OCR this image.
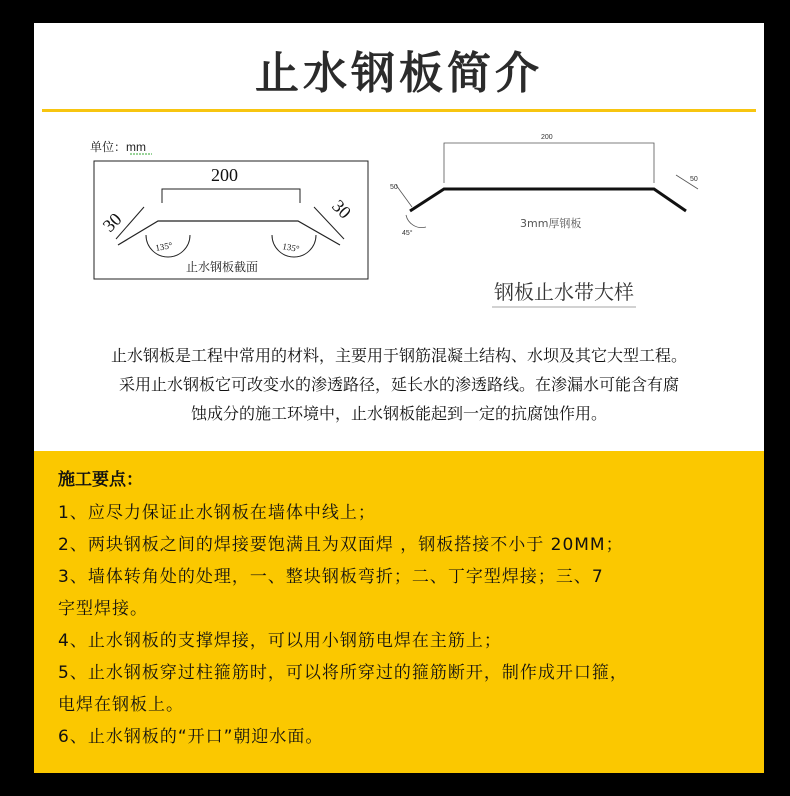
止水钢板简介
单位：mm
200
30	30
135°	135°
止水钢板截面
200
50
50
45°
3mm厚钢板
钢板止水带大样
止水钢板是工程中常用的材料，主要用于钢筋混凝土结构、水坝及其它大型工程。
采用止水钢板它可改变水的渗透路径，延长水的渗透路线。在渗漏水可能含有腐
蚀成分的施工环境中，止水钢板能起到一定的抗腐蚀作用。
施工要点：

1、应尽力保证止水钢板在墙体中线上；

2、两块钢板之间的焊接要饱满且为双面焊 ，钢板搭接不小于 20MM；

3、墙体转角处的处理，一、整块钢板弯折；二、丁字型焊接；三、7

字型焊接。

4、止水钢板的支撑焊接，可以用小钢筋电焊在主筋上；

5、止水钢板穿过柱箍筋时，可以将所穿过的箍筋断开，制作成开口箍，

电焊在钢板上。

6、止水钢板的“开口”朝迎水面。
